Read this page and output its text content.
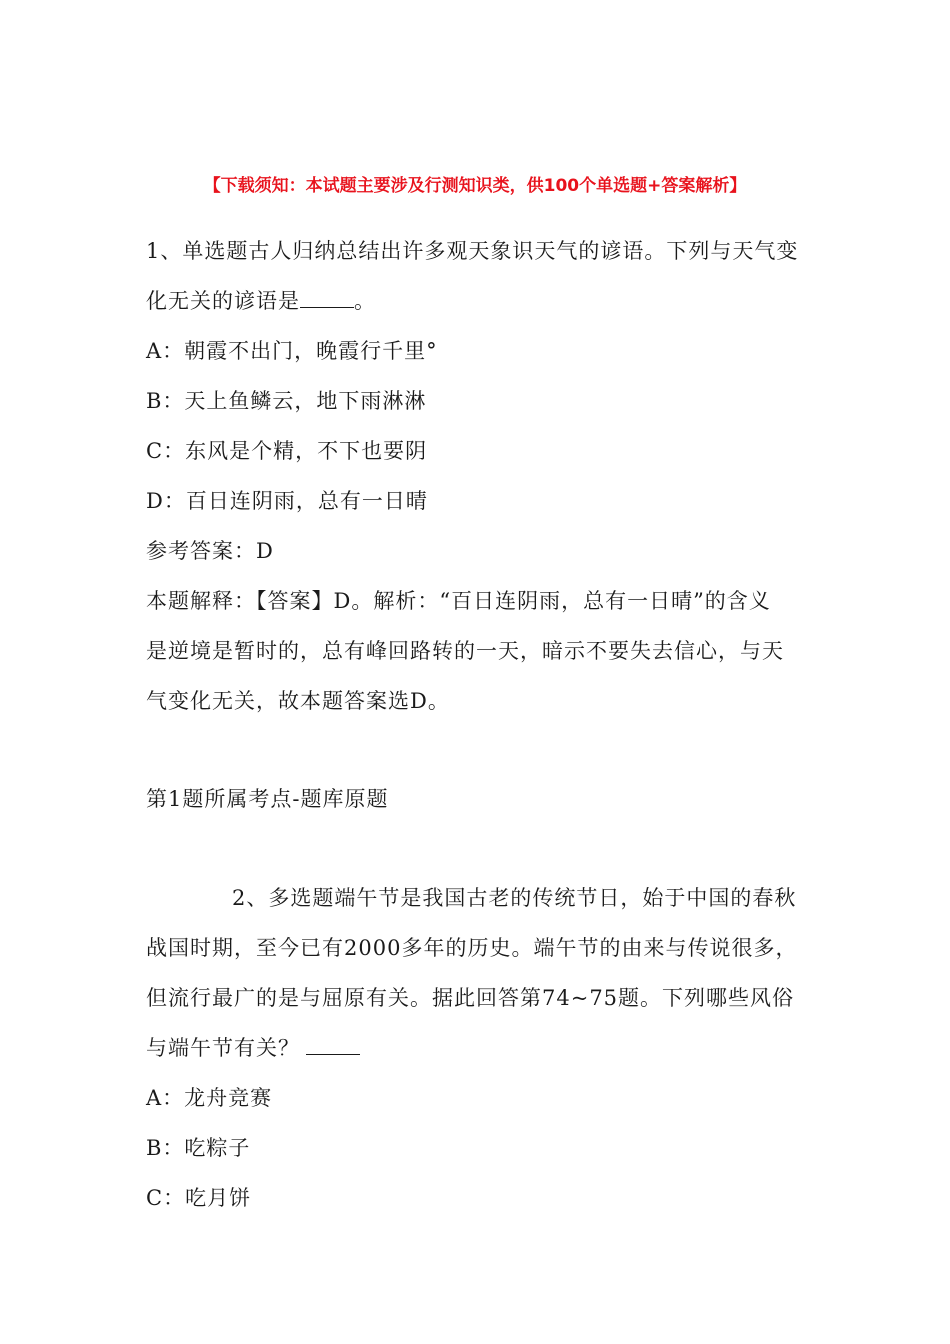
【下载须知：本试题主要涉及行测知识类，供100个单选题+答案解析】
1、单选题古人归纳总结出许多观天象识天气的谚语。下列与天气变
化无关的谚语是	。
A：朝霞不出门，晚霞行千里°
B：天上鱼鳞云，地下雨淋淋
C：东风是个精，不下也要阴
D：百日连阴雨，总有一日晴
参考答案：D
本题解释：【答案】D。解析：“百日连阴雨，总有一日晴”的含义
是逆境是暂时的，总有峰回路转的一天，暗示不要失去信心，与天
气变化无关，故本题答案选D。
第1题所属考点-题库原题
2、多选题端午节是我国古老的传统节日，始于中国的春秋
战国时期，至今已有2000多年的历史。端午节的由来与传说很多，
但流行最广的是与屈原有关。据此回答第74~75题。下列哪些风俗
与端午节有关？
A：龙舟竞赛
B：吃粽子
C：吃月饼
